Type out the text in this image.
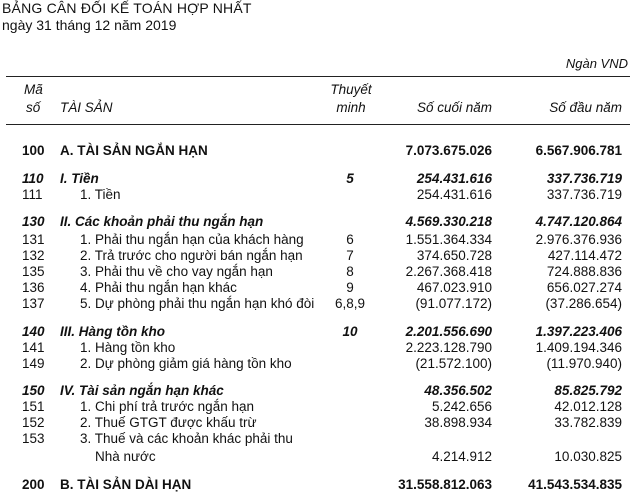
BẢNG CÂN ĐỐI KẾ TOÁN HỢP NHẤT
ngày 31 tháng 12 năm 2019
Ngàn VND
Mã
số TÀI SẢN
Thuyết
minh	Số cuối năm	Số đầu năm
100 A. TÀI SẢN NGẮN HẠN	7.073.675.026	6.567.906.781
110 I. Tiền	5	254.431.616	337.736.719
111	1. Tiền	254.431.616	337.736.719
130 II. Các khoản phải thu ngắn hạn	4.569.330.218	4.747.120.864
131	1. Phải thu ngắn hạn của khách hàng	6	1.551.364.334	2.976.376.936
132	2. Trả trước cho người bán ngắn hạn	7	374.650.728	427.114.472
135	3. Phải thu về cho vay ngắn hạn	8	2.267.368.418	724.888.836
136	4. Phải thu ngắn hạn khác	9	467.023.910	656.027.274
137	5. Dự phòng phải thu ngắn hạn khó đòi	6,8,9	(91.077.172)	(37.286.654)
140 III. Hàng tồn kho	10	2.201.556.690	1.397.223.406
141	1. Hàng tồn kho	2.223.128.790	1.409.194.346
149	2. Dự phòng giảm giá hàng tồn kho	(21.572.100)	(11.970.940)
150 IV. Tài sản ngắn hạn khác	48.356.502	85.825.792
151	1. Chi phí trả trước ngắn hạn	5.242.656	42.012.128
152	2. Thuế GTGT được khấu trừ	38.898.934	33.782.839
153	3. Thuế và các khoản khác phải thu
Nhà nước	4.214.912	10.030.825
200 B. TÀI SẢN DÀI HẠN	31.558.812.063	41.543.534.835
